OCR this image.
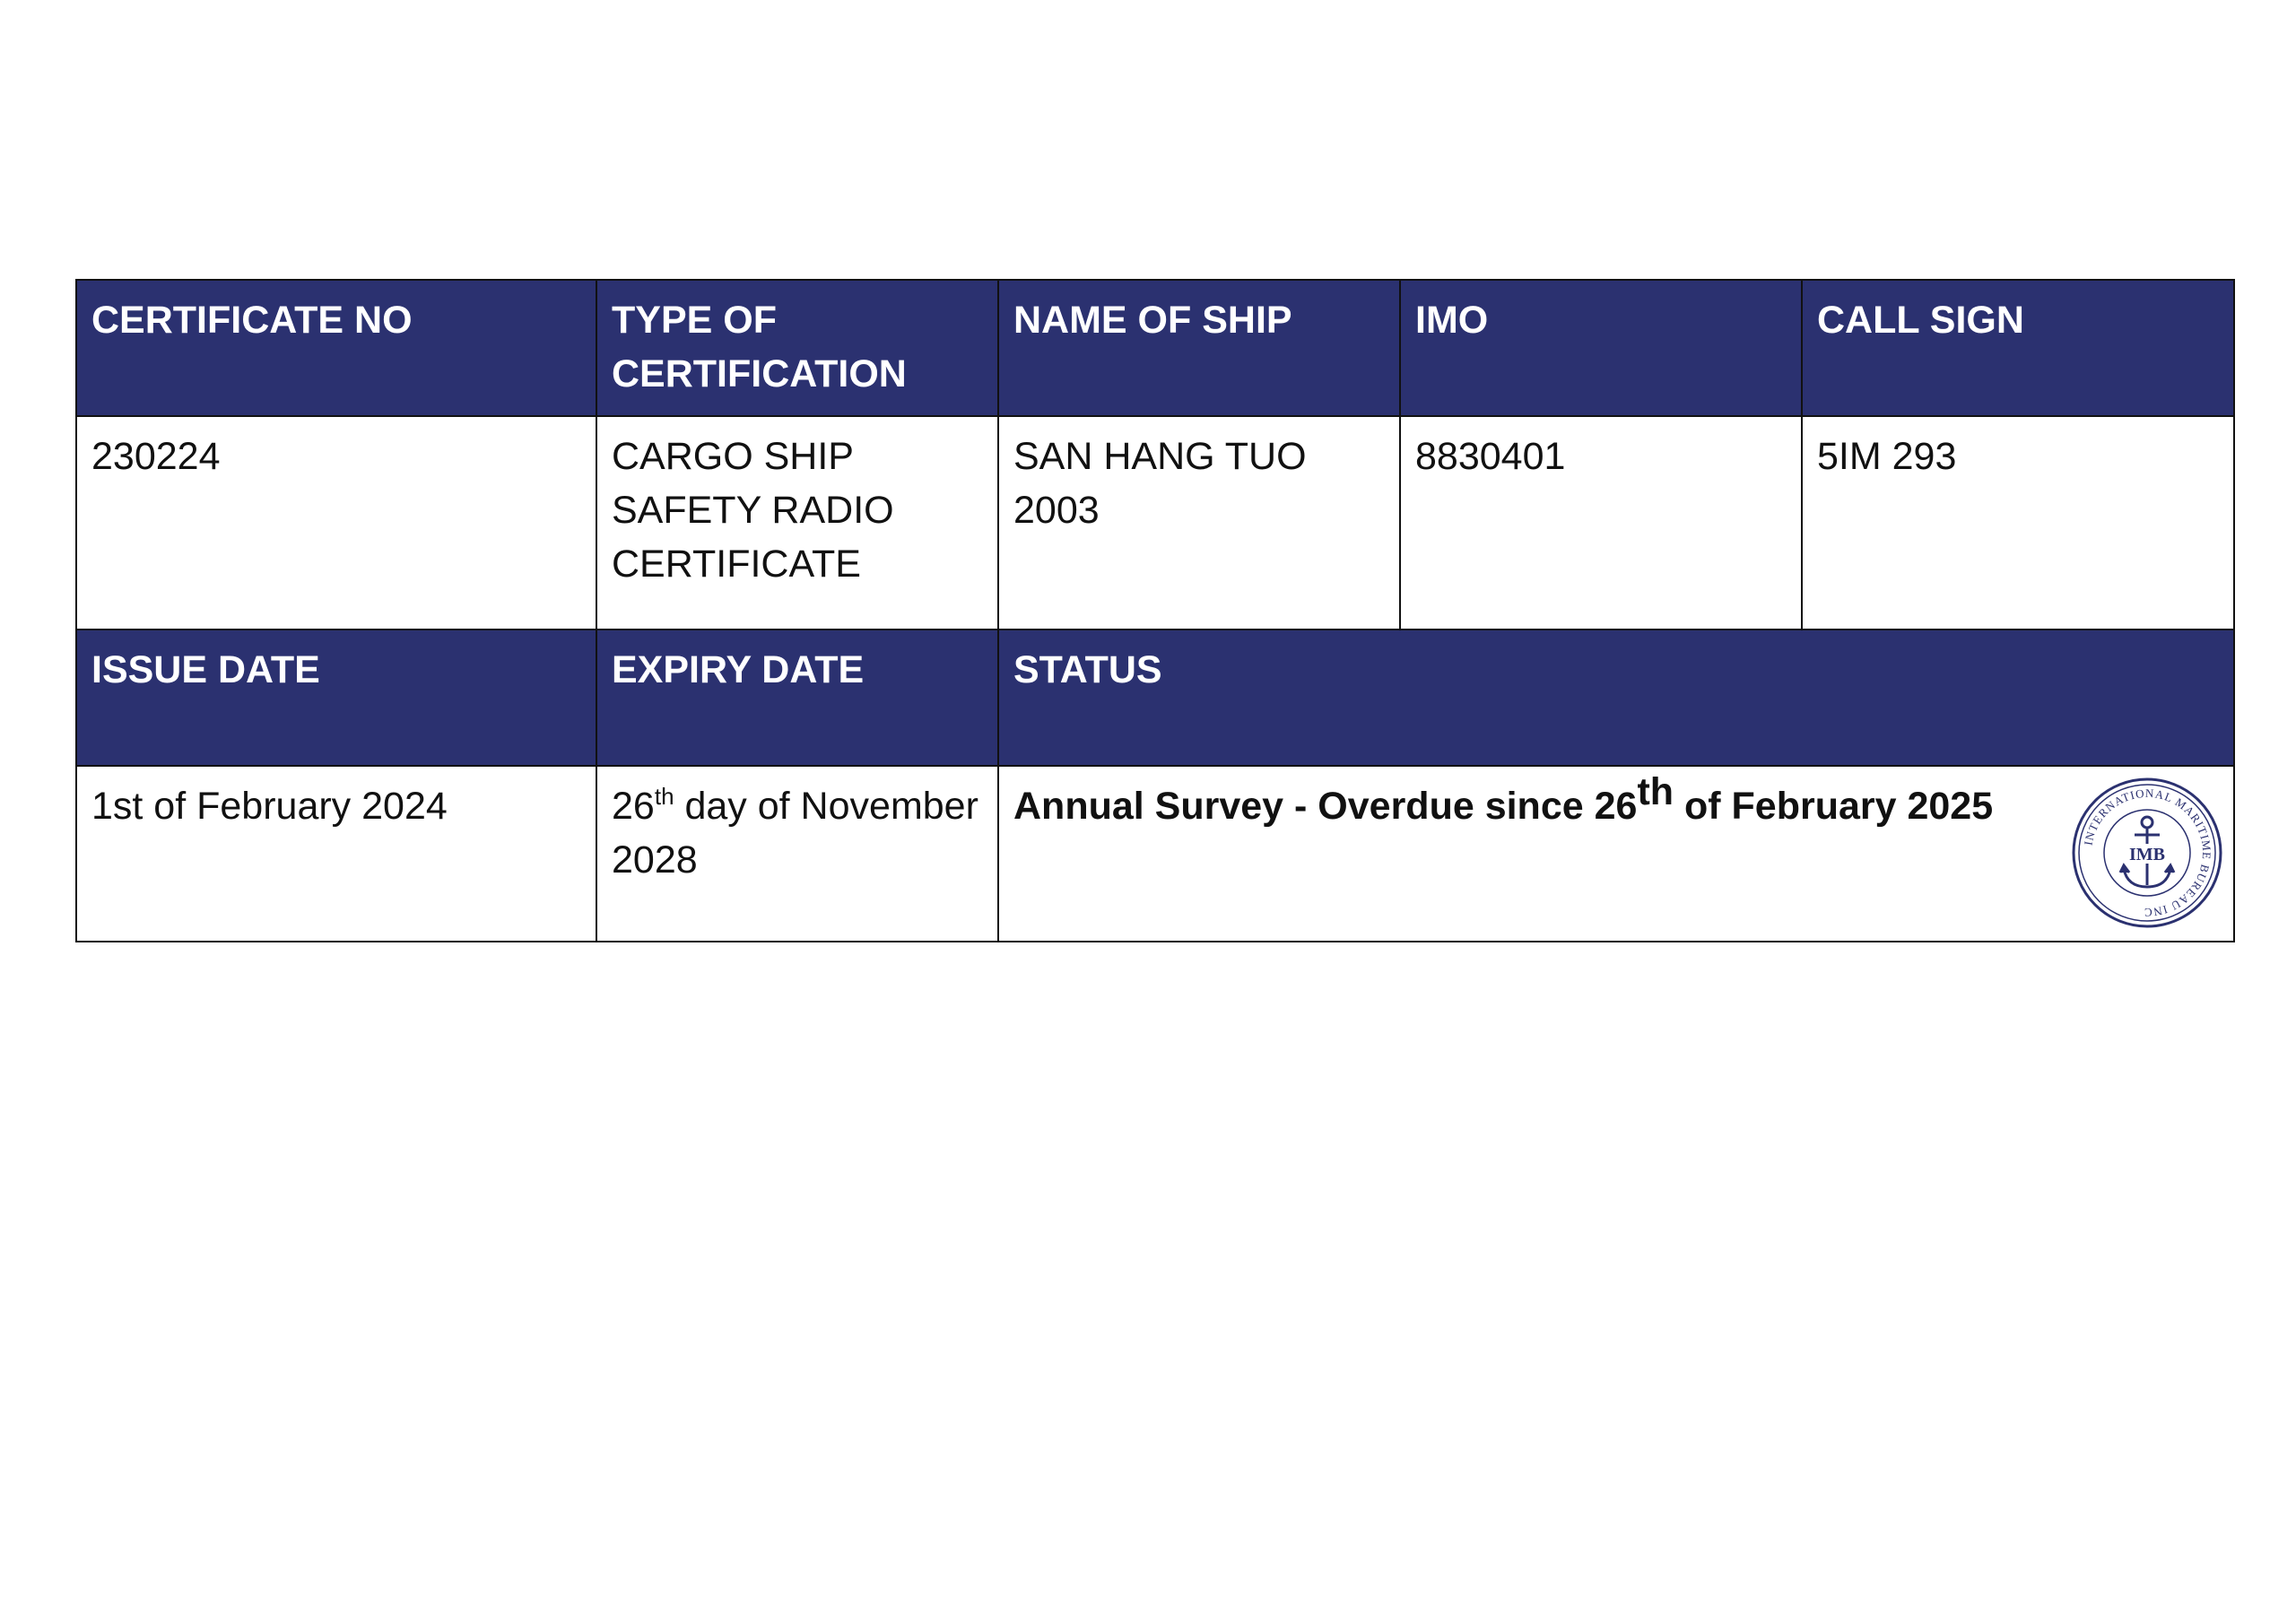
CERTIFICATE NO	TYPE OF CERTIFICATION	NAME OF SHIP	IMO	CALL SIGN
230224	CARGO SHIP SAFETY RADIO CERTIFICATE	SAN HANG TUO 2003	8830401	5IM 293
ISSUE DATE	EXPIRY DATE	STATUS		
1st of February 2024	26th day of November 2028	Annual Survey - Overdue since 26th of February 2025
INTERNATIONAL MARITIME BUREAU INC
IMB		
